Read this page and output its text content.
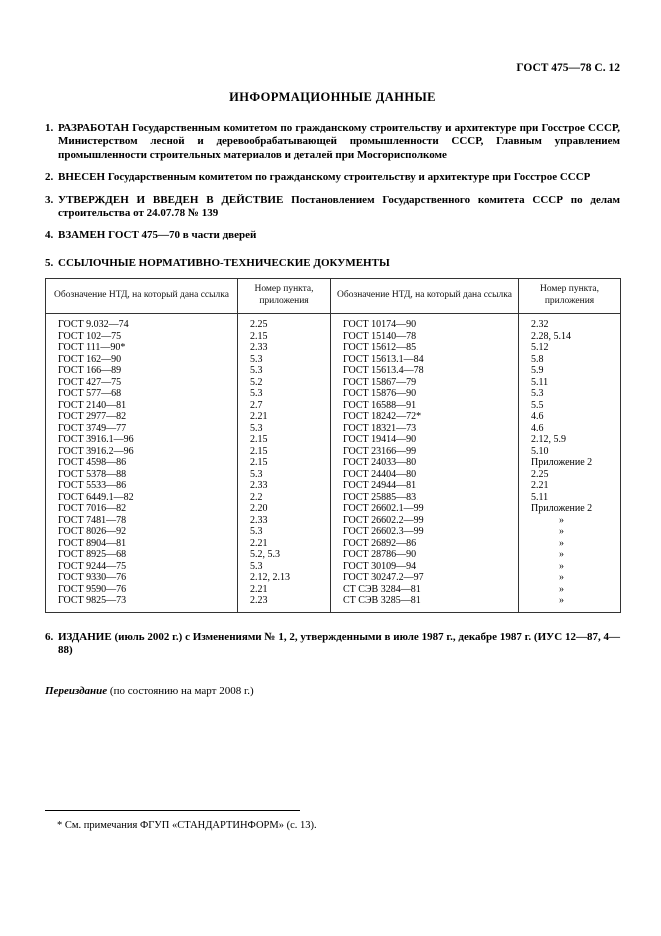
ГОСТ 475—78 С. 12
ИНФОРМАЦИОННЫЕ ДАННЫЕ
1. РАЗРАБОТАН Государственным комитетом по гражданскому строительству и архитектуре при Госстрое СССР, Министерством лесной и деревообрабатывающей промышленности СССР, Главным управлением промышленности строительных материалов и деталей при Мосгорисполкоме
2. ВНЕСЕН Государственным комитетом по гражданскому строительству и архитектуре при Госстрое СССР
3. УТВЕРЖДЕН И ВВЕДЕН В ДЕЙСТВИЕ Постановлением Государственного комитета СССР по делам строительства от 24.07.78 № 139
4. ВЗАМЕН ГОСТ 475—70 в части дверей
5. ССЫЛОЧНЫЕ НОРМАТИВНО-ТЕХНИЧЕСКИЕ ДОКУМЕНТЫ
Обозначение НТД, на который дана ссылка	Номер пункта, приложения	Обозначение НТД, на который дана ссылка	Номер пункта, приложения
ГОСТ 9.032—74	2.25	ГОСТ 10174—90	2.32
ГОСТ 102—75	2.15	ГОСТ 15140—78	2.28, 5.14
ГОСТ 111—90*	2.33	ГОСТ 15612—85	5.12
ГОСТ 162—90	5.3	ГОСТ 15613.1—84	5.8
ГОСТ 166—89	5.3	ГОСТ 15613.4—78	5.9
ГОСТ 427—75	5.2	ГОСТ 15867—79	5.11
ГОСТ 577—68	5.3	ГОСТ 15876—90	5.3
ГОСТ 2140—81	2.7	ГОСТ 16588—91	5.5
ГОСТ 2977—82	2.21	ГОСТ 18242—72*	4.6
ГОСТ 3749—77	5.3	ГОСТ 18321—73	4.6
ГОСТ 3916.1—96	2.15	ГОСТ 19414—90	2.12, 5.9
ГОСТ 3916.2—96	2.15	ГОСТ 23166—99	5.10
ГОСТ 4598—86	2.15	ГОСТ 24033—80	Приложение 2
ГОСТ 5378—88	5.3	ГОСТ 24404—80	2.25
ГОСТ 5533—86	2.33	ГОСТ 24944—81	2.21
ГОСТ 6449.1—82	2.2	ГОСТ 25885—83	5.11
ГОСТ 7016—82	2.20	ГОСТ 26602.1—99	Приложение 2
ГОСТ 7481—78	2.33	ГОСТ 26602.2—99	»
ГОСТ 8026—92	5.3	ГОСТ 26602.3—99	»
ГОСТ 8904—81	2.21	ГОСТ 26892—86	»
ГОСТ 8925—68	5.2, 5.3	ГОСТ 28786—90	»
ГОСТ 9244—75	5.3	ГОСТ 30109—94	»
ГОСТ 9330—76	2.12, 2.13	ГОСТ 30247.2—97	»
ГОСТ 9590—76	2.21	СТ СЭВ 3284—81	»
ГОСТ 9825—73	2.23	СТ СЭВ 3285—81	»
6. ИЗДАНИЕ (июль 2002 г.) с Изменениями № 1, 2, утвержденными в июле 1987 г., декабре 1987 г. (ИУС 12—87, 4—88)
Переиздание (по состоянию на март 2008 г.)
* См. примечания ФГУП «СТАНДАРТИНФОРМ» (с. 13).
